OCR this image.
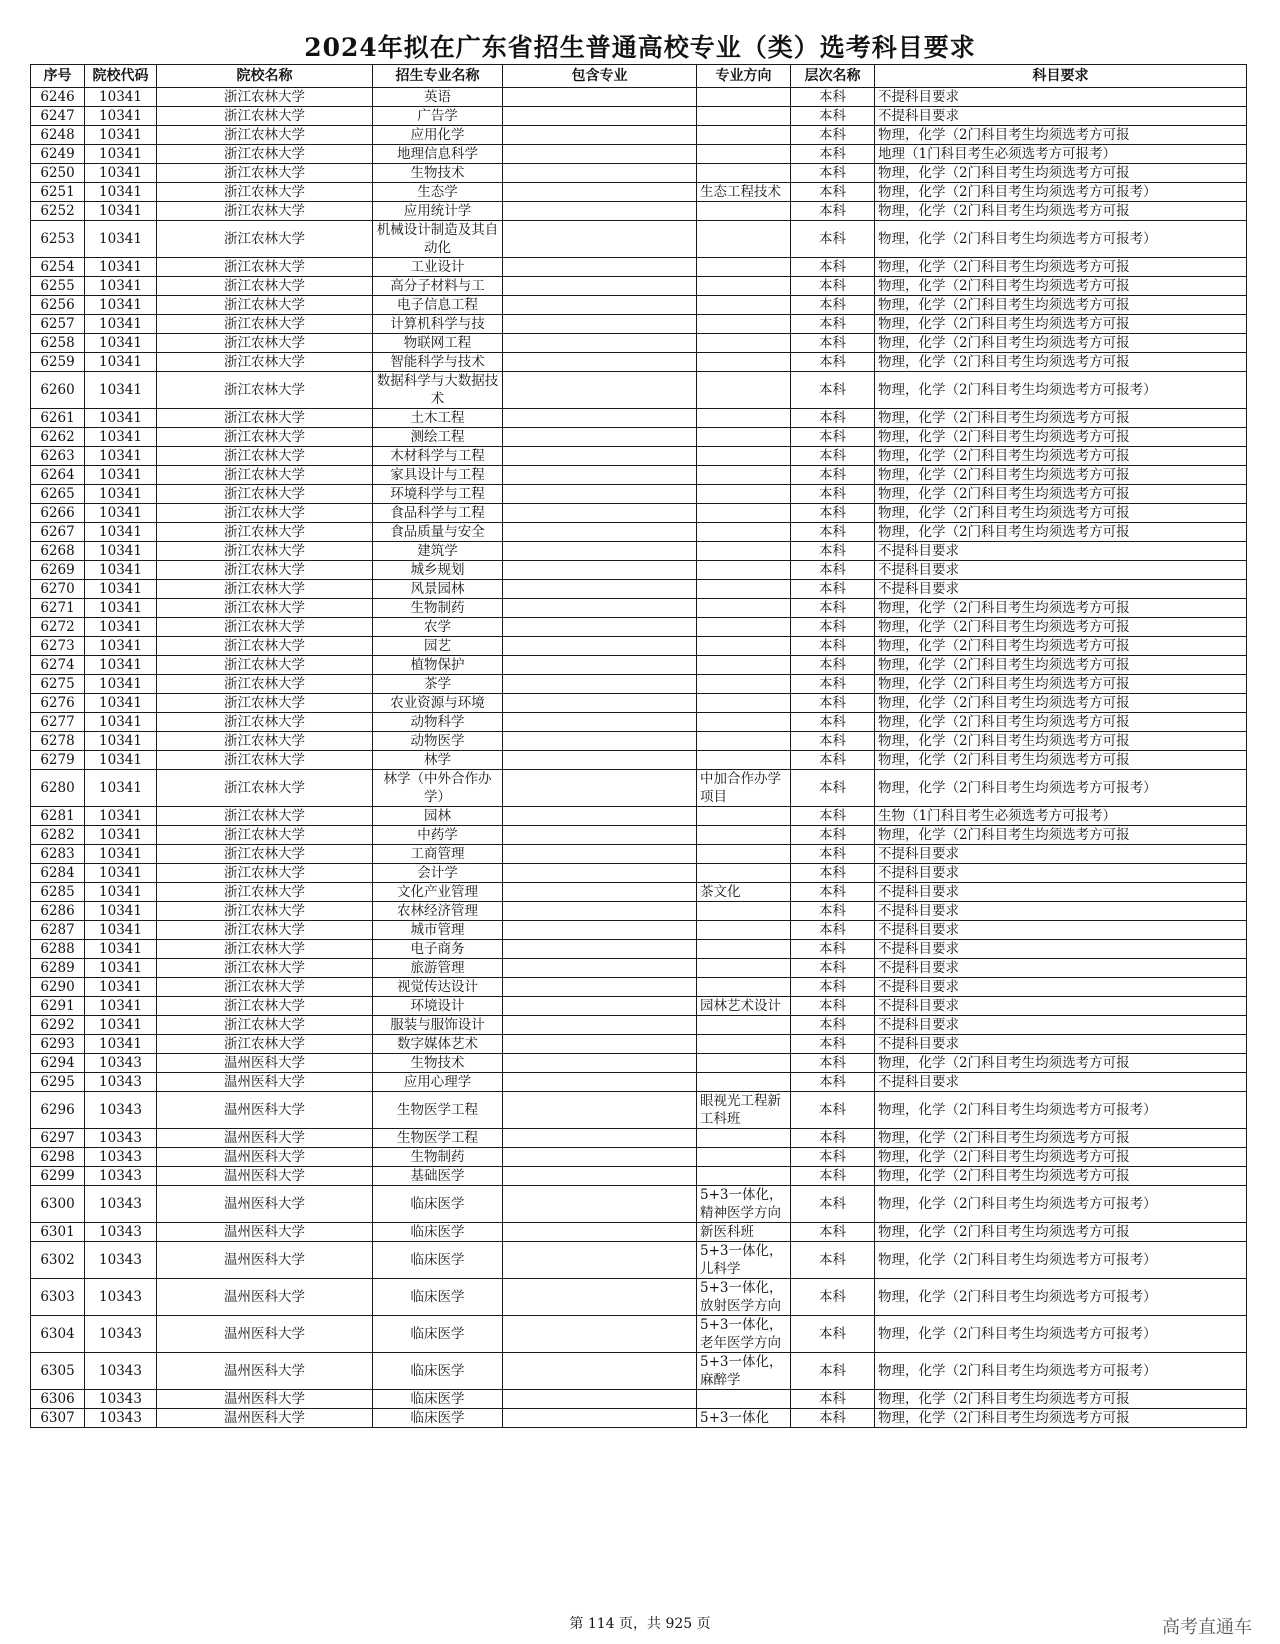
2024年拟在广东省招生普通高校专业（类）选考科目要求
序号	院校代码	院校名称	招生专业名称	包含专业	专业方向	层次名称	科目要求
6246	10341	浙江农林大学	英语			本科	不提科目要求
6247	10341	浙江农林大学	广告学			本科	不提科目要求
6248	10341	浙江农林大学	应用化学			本科	物理，化学（2门科目考生均须选考方可报
6249	10341	浙江农林大学	地理信息科学			本科	地理（1门科目考生必须选考方可报考）
6250	10341	浙江农林大学	生物技术			本科	物理，化学（2门科目考生均须选考方可报
6251	10341	浙江农林大学	生态学		生态工程技术	本科	物理，化学（2门科目考生均须选考方可报考）
6252	10341	浙江农林大学	应用统计学			本科	物理，化学（2门科目考生均须选考方可报
6253	10341	浙江农林大学	机械设计制造及其自动化			本科	物理，化学（2门科目考生均须选考方可报考）
6254	10341	浙江农林大学	工业设计			本科	物理，化学（2门科目考生均须选考方可报
6255	10341	浙江农林大学	高分子材料与工			本科	物理，化学（2门科目考生均须选考方可报
6256	10341	浙江农林大学	电子信息工程			本科	物理，化学（2门科目考生均须选考方可报
6257	10341	浙江农林大学	计算机科学与技			本科	物理，化学（2门科目考生均须选考方可报
6258	10341	浙江农林大学	物联网工程			本科	物理，化学（2门科目考生均须选考方可报
6259	10341	浙江农林大学	智能科学与技术			本科	物理，化学（2门科目考生均须选考方可报
6260	10341	浙江农林大学	数据科学与大数据技术			本科	物理，化学（2门科目考生均须选考方可报考）
6261	10341	浙江农林大学	土木工程			本科	物理，化学（2门科目考生均须选考方可报
6262	10341	浙江农林大学	测绘工程			本科	物理，化学（2门科目考生均须选考方可报
6263	10341	浙江农林大学	木材科学与工程			本科	物理，化学（2门科目考生均须选考方可报
6264	10341	浙江农林大学	家具设计与工程			本科	物理，化学（2门科目考生均须选考方可报
6265	10341	浙江农林大学	环境科学与工程			本科	物理，化学（2门科目考生均须选考方可报
6266	10341	浙江农林大学	食品科学与工程			本科	物理，化学（2门科目考生均须选考方可报
6267	10341	浙江农林大学	食品质量与安全			本科	物理，化学（2门科目考生均须选考方可报
6268	10341	浙江农林大学	建筑学			本科	不提科目要求
6269	10341	浙江农林大学	城乡规划			本科	不提科目要求
6270	10341	浙江农林大学	风景园林			本科	不提科目要求
6271	10341	浙江农林大学	生物制药			本科	物理，化学（2门科目考生均须选考方可报
6272	10341	浙江农林大学	农学			本科	物理，化学（2门科目考生均须选考方可报
6273	10341	浙江农林大学	园艺			本科	物理，化学（2门科目考生均须选考方可报
6274	10341	浙江农林大学	植物保护			本科	物理，化学（2门科目考生均须选考方可报
6275	10341	浙江农林大学	茶学			本科	物理，化学（2门科目考生均须选考方可报
6276	10341	浙江农林大学	农业资源与环境			本科	物理，化学（2门科目考生均须选考方可报
6277	10341	浙江农林大学	动物科学			本科	物理，化学（2门科目考生均须选考方可报
6278	10341	浙江农林大学	动物医学			本科	物理，化学（2门科目考生均须选考方可报
6279	10341	浙江农林大学	林学			本科	物理，化学（2门科目考生均须选考方可报
6280	10341	浙江农林大学	林学（中外合作办学）		中加合作办学项目	本科	物理，化学（2门科目考生均须选考方可报考）
6281	10341	浙江农林大学	园林			本科	生物（1门科目考生必须选考方可报考）
6282	10341	浙江农林大学	中药学			本科	物理，化学（2门科目考生均须选考方可报
6283	10341	浙江农林大学	工商管理			本科	不提科目要求
6284	10341	浙江农林大学	会计学			本科	不提科目要求
6285	10341	浙江农林大学	文化产业管理		茶文化	本科	不提科目要求
6286	10341	浙江农林大学	农林经济管理			本科	不提科目要求
6287	10341	浙江农林大学	城市管理			本科	不提科目要求
6288	10341	浙江农林大学	电子商务			本科	不提科目要求
6289	10341	浙江农林大学	旅游管理			本科	不提科目要求
6290	10341	浙江农林大学	视觉传达设计			本科	不提科目要求
6291	10341	浙江农林大学	环境设计		园林艺术设计	本科	不提科目要求
6292	10341	浙江农林大学	服装与服饰设计			本科	不提科目要求
6293	10341	浙江农林大学	数字媒体艺术			本科	不提科目要求
6294	10343	温州医科大学	生物技术			本科	物理，化学（2门科目考生均须选考方可报
6295	10343	温州医科大学	应用心理学			本科	不提科目要求
6296	10343	温州医科大学	生物医学工程		眼视光工程新工科班	本科	物理，化学（2门科目考生均须选考方可报考）
6297	10343	温州医科大学	生物医学工程			本科	物理，化学（2门科目考生均须选考方可报
6298	10343	温州医科大学	生物制药			本科	物理，化学（2门科目考生均须选考方可报
6299	10343	温州医科大学	基础医学			本科	物理，化学（2门科目考生均须选考方可报
6300	10343	温州医科大学	临床医学		5+3一体化，精神医学方向	本科	物理，化学（2门科目考生均须选考方可报考）
6301	10343	温州医科大学	临床医学		新医科班	本科	物理，化学（2门科目考生均须选考方可报
6302	10343	温州医科大学	临床医学		5+3一体化，儿科学	本科	物理，化学（2门科目考生均须选考方可报考）
6303	10343	温州医科大学	临床医学		5+3一体化，放射医学方向	本科	物理，化学（2门科目考生均须选考方可报考）
6304	10343	温州医科大学	临床医学		5+3一体化，老年医学方向	本科	物理，化学（2门科目考生均须选考方可报考）
6305	10343	温州医科大学	临床医学		5+3一体化，麻醉学	本科	物理，化学（2门科目考生均须选考方可报考）
6306	10343	温州医科大学	临床医学			本科	物理，化学（2门科目考生均须选考方可报
6307	10343	温州医科大学	临床医学		5+3一体化	本科	物理，化学（2门科目考生均须选考方可报
第 114 页，共 925 页	高考直通车
